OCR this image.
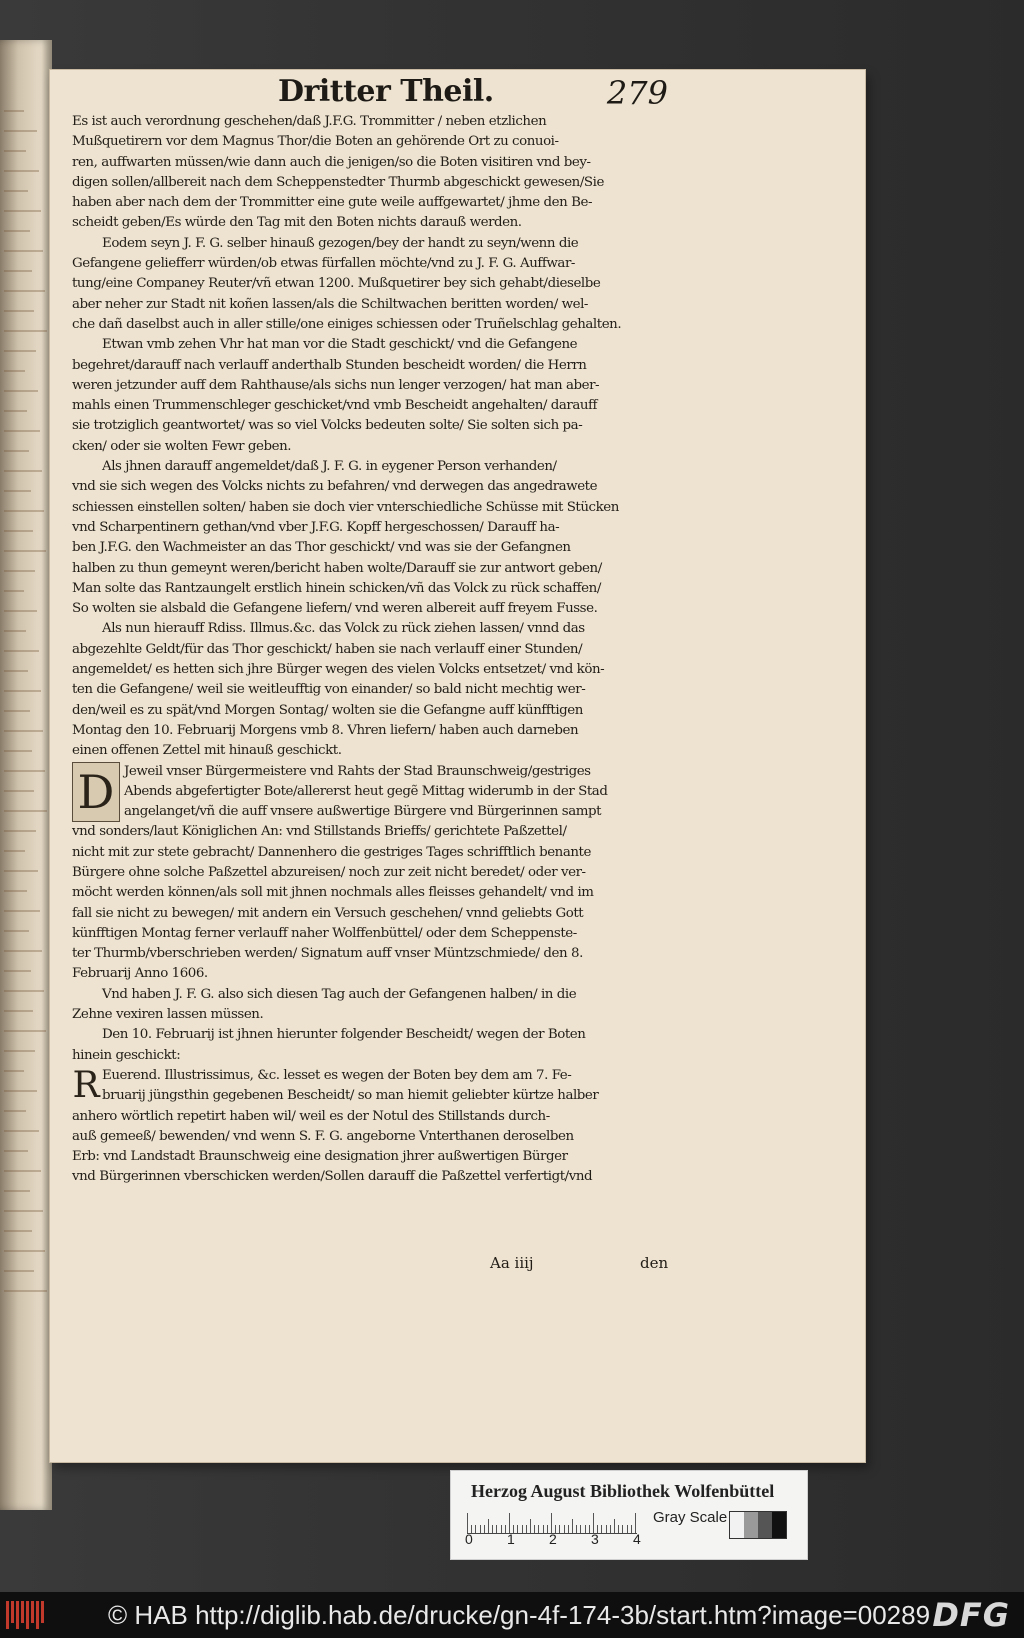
Dritter Theil.	279
Es ist auch verordnung geschehen/daß J.F.G. Trommitter / neben etzlichen
Mußquetirern vor dem Magnus Thor/die Boten an gehörende Ort zu conuoi-
ren, auffwarten müssen/wie dann auch die jenigen/so die Boten visitiren vnd bey-
digen sollen/allbereit nach dem Scheppenstedter Thurmb abgeschickt gewesen/Sie
haben aber nach dem der Trommitter eine gute weile auffgewartet/ jhme den Be-
scheidt geben/Es würde den Tag mit den Boten nichts darauß werden.
Eodem seyn J. F. G. selber hinauß gezogen/bey der handt zu seyn/wenn die
Gefangene geliefferr würden/ob etwas fürfallen möchte/vnd zu J. F. G. Auffwar-
tung/eine Companey Reuter/vñ etwan 1200. Mußquetirer bey sich gehabt/dieselbe
aber neher zur Stadt nit koñen lassen/als die Schiltwachen beritten worden/ wel-
che dañ daselbst auch in aller stille/one einiges schiessen oder Truñelschlag gehalten.
Etwan vmb zehen Vhr hat man vor die Stadt geschickt/ vnd die Gefangene
begehret/darauff nach verlauff anderthalb Stunden bescheidt worden/ die Herrn
weren jetzunder auff dem Rahthause/als sichs nun lenger verzogen/ hat man aber-
mahls einen Trummenschleger geschicket/vnd vmb Bescheidt angehalten/ darauff
sie trotziglich geantwortet/ was so viel Volcks bedeuten solte/ Sie solten sich pa-
cken/ oder sie wolten Fewr geben.
Als jhnen darauff angemeldet/daß J. F. G. in eygener Person verhanden/
vnd sie sich wegen des Volcks nichts zu befahren/ vnd derwegen das angedrawete
schiessen einstellen solten/ haben sie doch vier vnterschiedliche Schüsse mit Stücken
vnd Scharpentinern gethan/vnd vber J.F.G. Kopff hergeschossen/ Darauff ha-
ben J.F.G. den Wachmeister an das Thor geschickt/ vnd was sie der Gefangnen
halben zu thun gemeynt weren/bericht haben wolte/Darauff sie zur antwort geben/
Man solte das Rantzaungelt erstlich hinein schicken/vñ das Volck zu rück schaffen/
So wolten sie alsbald die Gefangene liefern/ vnd weren albereit auff freyem Fusse.
Als nun hierauff Rdiss. Illmus.&c. das Volck zu rück ziehen lassen/ vnnd das
abgezehlte Geldt/für das Thor geschickt/ haben sie nach verlauff einer Stunden/
angemeldet/ es hetten sich jhre Bürger wegen des vielen Volcks entsetzet/ vnd kön-
ten die Gefangene/ weil sie weitleufftig von einander/ so bald nicht mechtig wer-
den/weil es zu spät/vnd Morgen Sontag/ wolten sie die Gefangne auff künfftigen
Montag den 10. Februarij Morgens vmb 8. Vhren liefern/ haben auch darneben
einen offenen Zettel mit hinauß geschickt.
Jeweil vnser Bürgermeistere vnd Rahts der Stad Braunschweig/gestriges
Abends abgefertigter Bote/allererst heut gegẽ Mittag widerumb in der Stad
angelanget/vñ die auff vnsere außwertige Bürgere vnd Bürgerinnen sampt
vnd sonders/laut Königlichen An: vnd Stillstands Brieffs/ gerichtete Paßzettel/
nicht mit zur stete gebracht/ Dannenhero die gestriges Tages schrifftlich benante
Bürgere ohne solche Paßzettel abzureisen/ noch zur zeit nicht beredet/ oder ver-
möcht werden können/als soll mit jhnen nochmals alles fleisses gehandelt/ vnd im
fall sie nicht zu bewegen/ mit andern ein Versuch geschehen/ vnnd geliebts Gott
künfftigen Montag ferner verlauff naher Wolffenbüttel/ oder dem Scheppenste-
ter Thurmb/vberschrieben werden/ Signatum auff vnser Müntzschmiede/ den 8.
Februarij Anno 1606.
Vnd haben J. F. G. also sich diesen Tag auch der Gefangenen halben/ in die
Zehne vexiren lassen müssen.
Den 10. Februarij ist jhnen hierunter folgender Bescheidt/ wegen der Boten
hinein geschickt:
Euerend. Illustrissimus, &c. lesset es wegen der Boten bey dem am 7. Fe-
bruarij jüngsthin gegebenen Bescheidt/ so man hiemit geliebter kürtze halber
anhero wörtlich repetirt haben wil/ weil es der Notul des Stillstands durch-
auß gemeeß/ bewenden/ vnd wenn S. F. G. angeborne Vnterthanen deroselben
Erb: vnd Landstadt Braunschweig eine designation jhrer außwertigen Bürger
vnd Bürgerinnen vberschicken werden/Sollen darauff die Paßzettel verfertigt/vnd
Aa iiij	den
Herzog August Bibliothek Wolfenbüttel
0 1 2 3 4
Gray Scale
© HAB http://diglib.hab.de/drucke/gn-4f-174-3b/start.htm?image=00289 DFG
D
R
